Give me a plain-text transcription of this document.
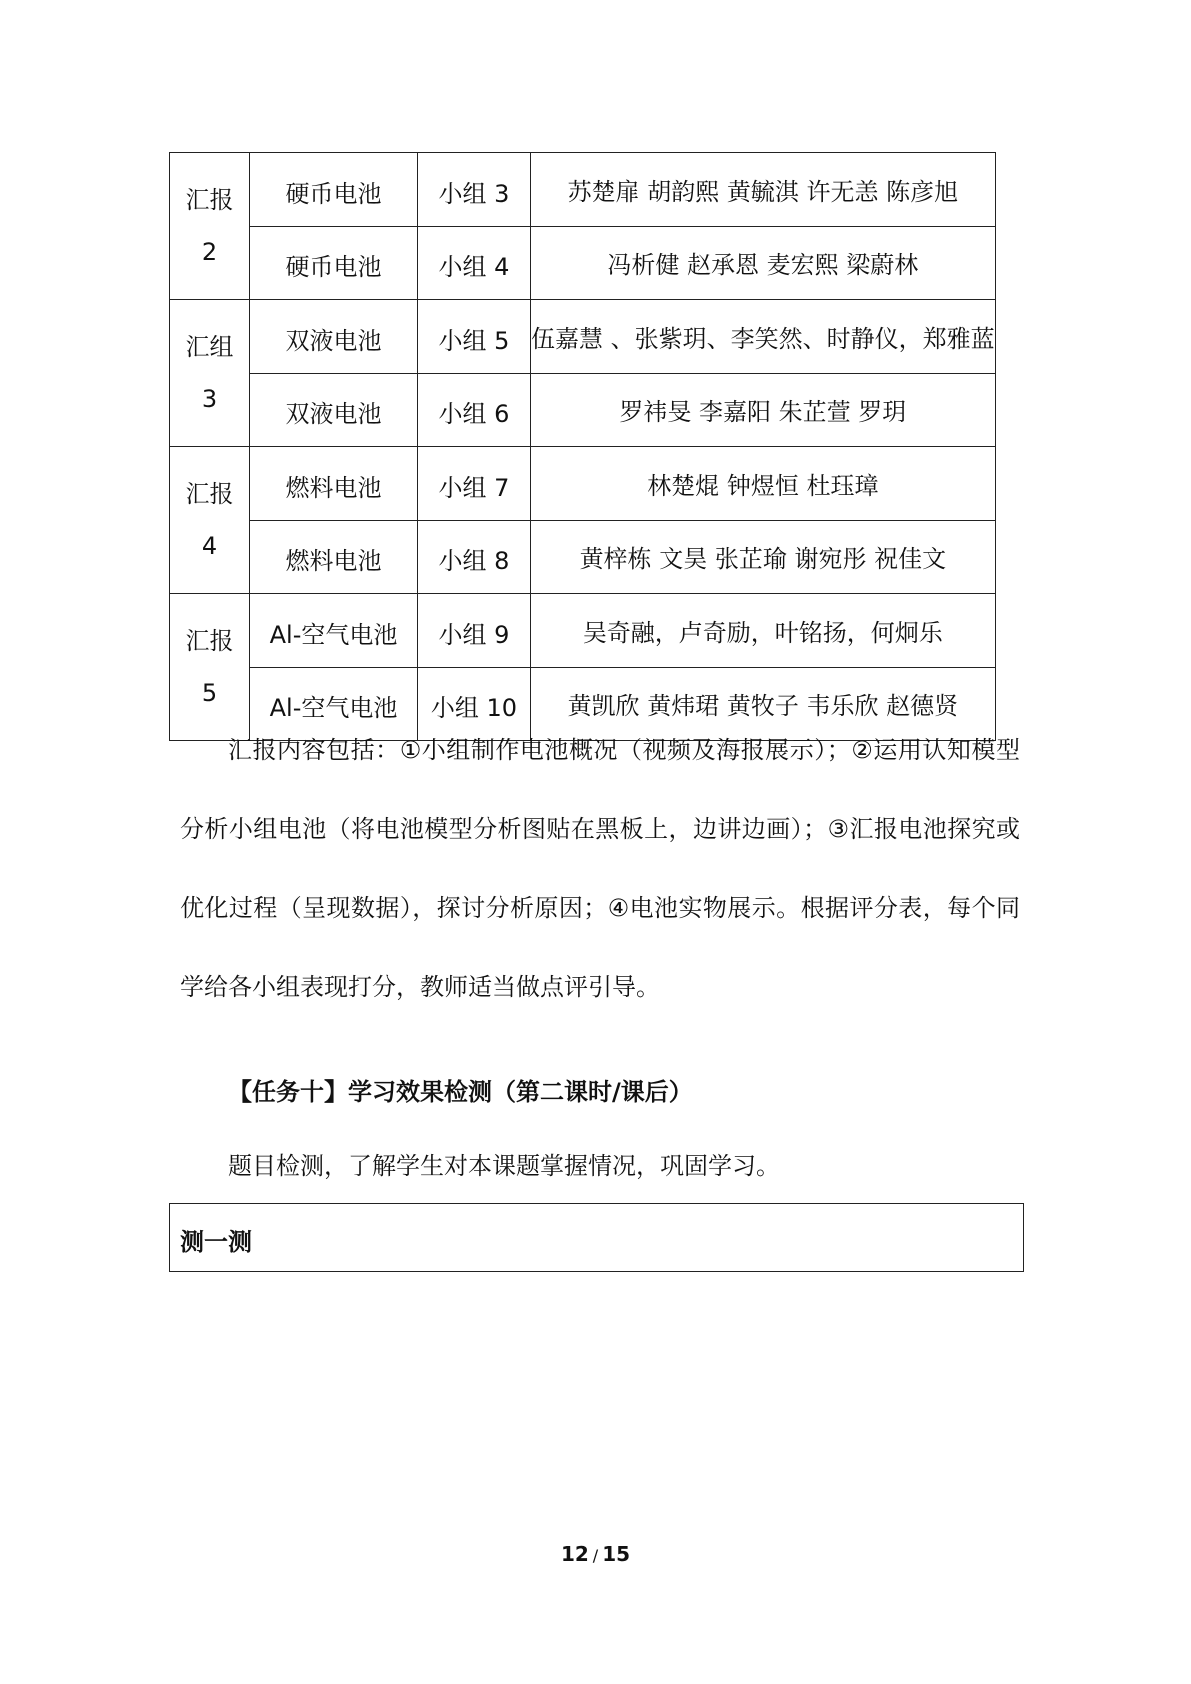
汇报
2	硬币电池	小组 3	苏楚扉 胡韵熙 黄毓淇 许无恙 陈彦旭
	硬币电池	小组 4	冯析健 赵承恩 麦宏熙 梁蔚林

汇组
3	双液电池	小组 5	伍嘉慧 、张紫玥、李笑然、时静仪，郑雅蓝
	双液电池	小组 6	罗祎旻 李嘉阳 朱芷萱 罗玥

汇报
4	燃料电池	小组 7	林楚焜 钟煜恒 杜珏璋
	燃料电池	小组 8	黄梓栋 文昊 张芷瑜 谢宛彤 祝佳文

汇报
5	Al-空气电池	小组 9	吴奇融，卢奇励，叶铭扬，何炯乐
	Al-空气电池	小组 10	黄凯欣 黄炜珺 黄牧子 韦乐欣 赵德贤

汇报内容包括：①小组制作电池概况（视频及海报展示）；②运用认知模型分析小组电池（将电池模型分析图贴在黑板上，边讲边画）；③汇报电池探究或优化过程（呈现数据），探讨分析原因；④电池实物展示。根据评分表，每个同学给各小组表现打分，教师适当做点评引导。

【任务十】学习效果检测（第二课时/课后）

题目检测，了解学生对本课题掌握情况，巩固学习。

测一测
12 / 15
